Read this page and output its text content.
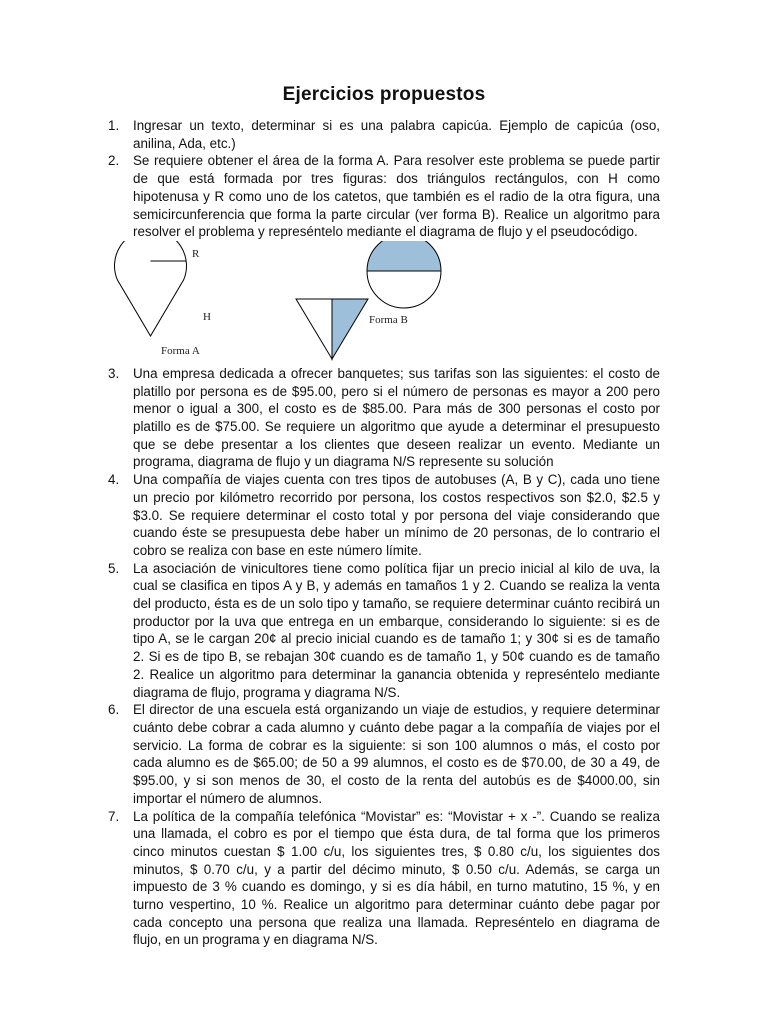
Ejercicios propuestos
1. Ingresar un texto, determinar si es una palabra capicúa. Ejemplo de capicúa (oso, anilina, Ada, etc.)
2. Se requiere obtener el área de la forma A. Para resolver este problema se puede partir de que está formada por tres figuras: dos triángulos rectángulos, con H como hipotenusa y R como uno de los catetos, que también es el radio de la otra figura, una semicircunferencia que forma la parte circular (ver forma B). Realice un algoritmo para resolver el problema y represéntelo mediante el diagrama de flujo y el pseudocódigo.
R
H
Forma A
Forma B
3. Una empresa dedicada a ofrecer banquetes; sus tarifas son las siguientes: el costo de platillo por persona es de $95.00, pero si el número de personas es mayor a 200 pero menor o igual a 300, el costo es de $85.00. Para más de 300 personas el costo por platillo es de $75.00. Se requiere un algoritmo que ayude a determinar el presupuesto que se debe presentar a los clientes que deseen realizar un evento. Mediante un programa, diagrama de flujo y un diagrama N/S represente su solución
4. Una compañía de viajes cuenta con tres tipos de autobuses (A, B y C), cada uno tiene un precio por kilómetro recorrido por persona, los costos respectivos son $2.0, $2.5 y $3.0. Se requiere determinar el costo total y por persona del viaje considerando que cuando éste se presupuesta debe haber un mínimo de 20 personas, de lo contrario el cobro se realiza con base en este número límite.
5. La asociación de vinicultores tiene como política fijar un precio inicial al kilo de uva, la cual se clasifica en tipos A y B, y además en tamaños 1 y 2. Cuando se realiza la venta del producto, ésta es de un solo tipo y tamaño, se requiere determinar cuánto recibirá un productor por la uva que entrega en un embarque, considerando lo siguiente: si es de tipo A, se le cargan 20¢ al precio inicial cuando es de tamaño 1; y 30¢ si es de tamaño 2. Si es de tipo B, se rebajan 30¢ cuando es de tamaño 1, y 50¢ cuando es de tamaño 2. Realice un algoritmo para determinar la ganancia obtenida y represéntelo mediante diagrama de flujo, programa y diagrama N/S.
6. El director de una escuela está organizando un viaje de estudios, y requiere determinar cuánto debe cobrar a cada alumno y cuánto debe pagar a la compañía de viajes por el servicio. La forma de cobrar es la siguiente: si son 100 alumnos o más, el costo por cada alumno es de $65.00; de 50 a 99 alumnos, el costo es de $70.00, de 30 a 49, de $95.00, y si son menos de 30, el costo de la renta del autobús es de $4000.00, sin importar el número de alumnos.
7. La política de la compañía telefónica “Movistar” es: “Movistar + x -”. Cuando se realiza una llamada, el cobro es por el tiempo que ésta dura, de tal forma que los primeros cinco minutos cuestan $ 1.00 c/u, los siguientes tres, $ 0.80 c/u, los siguientes dos minutos, $ 0.70 c/u, y a partir del décimo minuto, $ 0.50 c/u. Además, se carga un impuesto de 3 % cuando es domingo, y si es día hábil, en turno matutino, 15 %, y en turno vespertino, 10 %. Realice un algoritmo para determinar cuánto debe pagar por cada concepto una persona que realiza una llamada. Represéntelo en diagrama de flujo, en un programa y en diagrama N/S.
